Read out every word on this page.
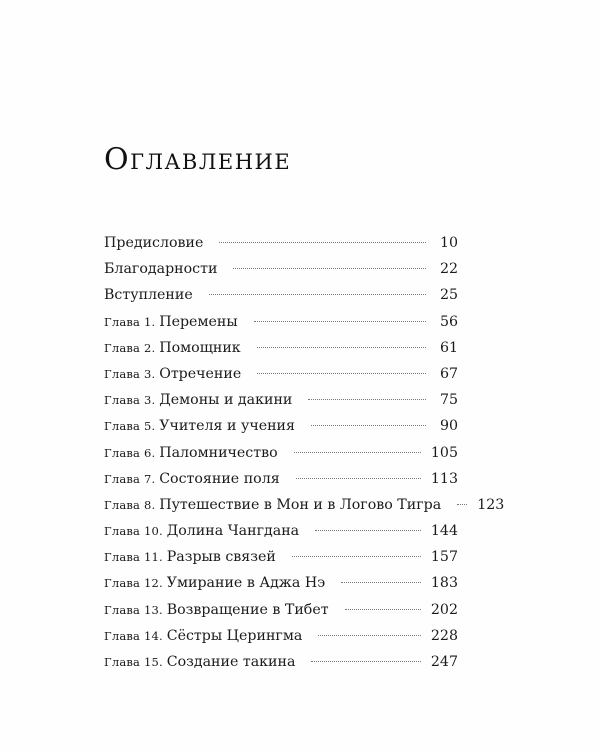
Оглавление
Предисловие	10
Благодарности	22
Вступление	25
Глава 1. Перемены	56
Глава 2. Помощник	61
Глава 3. Отречение	67
Глава 3. Демоны и дакини	75
Глава 5. Учителя и учения	90
Глава 6. Паломничество	105
Глава 7. Состояние поля	113
Глава 8. Путешествие в Мон и в Логово Тигра	123
Глава 10. Долина Чангдана	144
Глава 11. Разрыв связей	157
Глава 12. Умирание в Аджа Нэ	183
Глава 13. Возвращение в Тибет	202
Глава 14. Сёстры Церингма	228
Глава 15. Создание такина	247
